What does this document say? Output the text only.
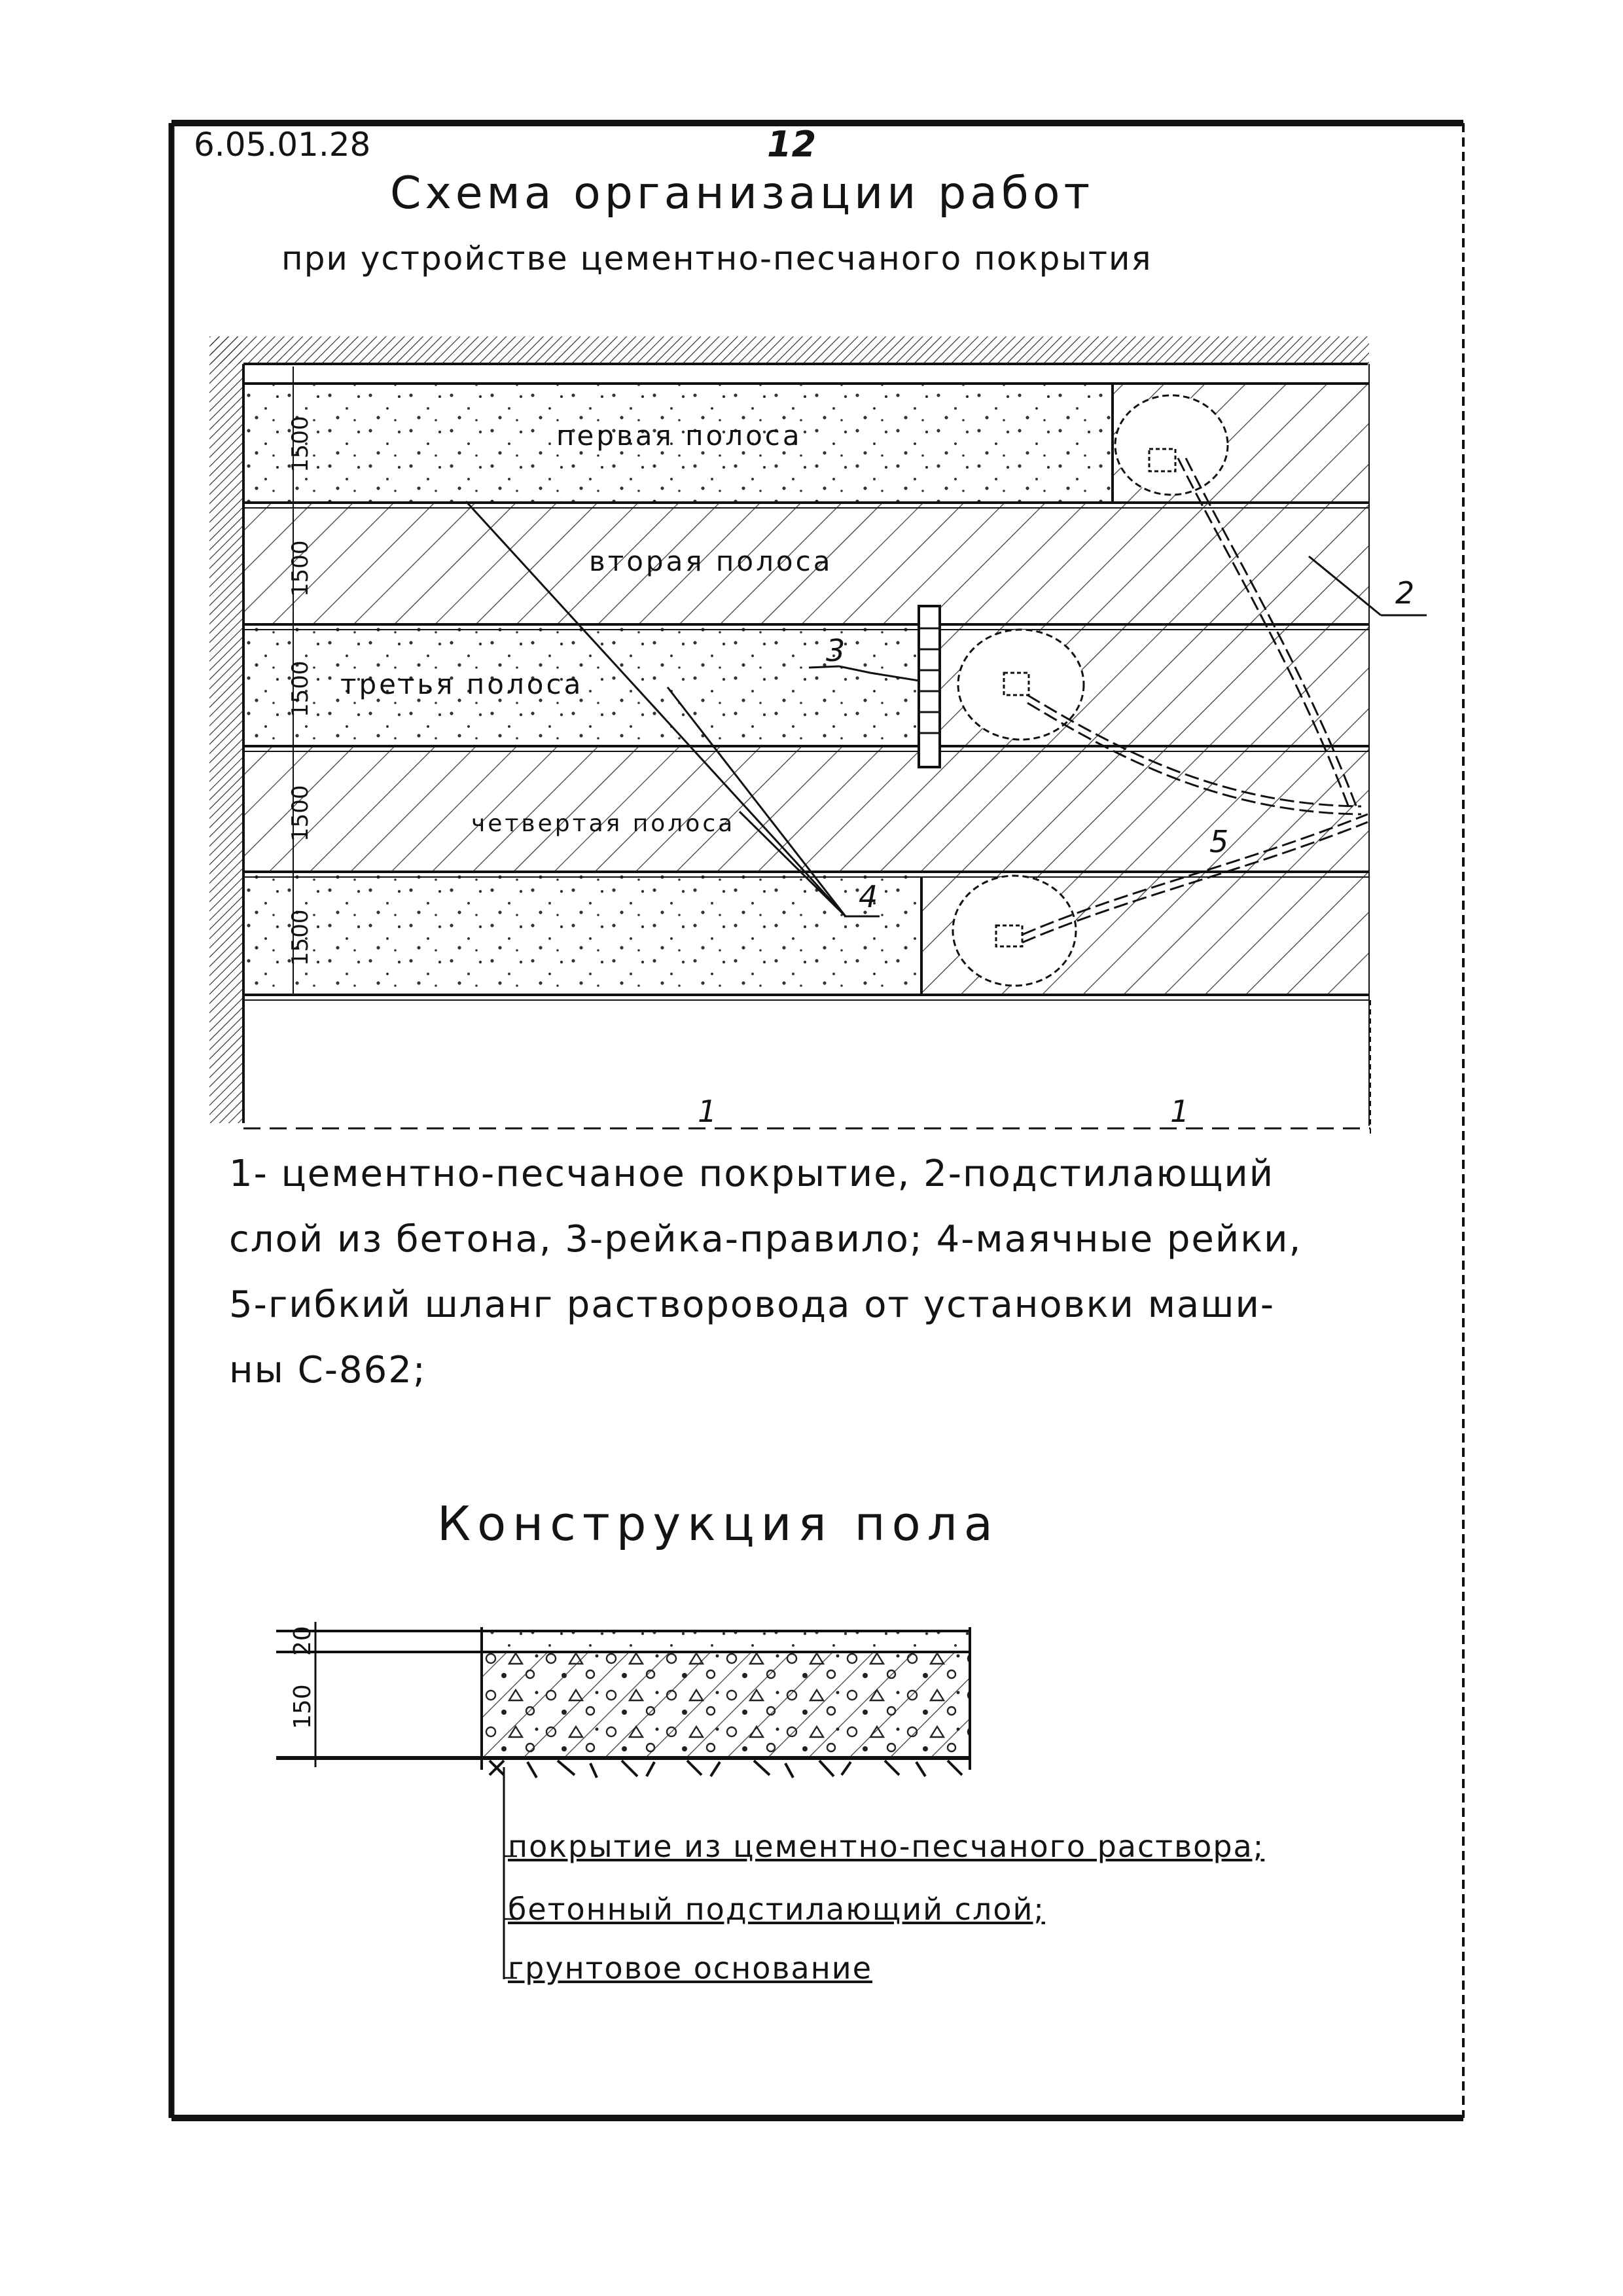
2
3
4
5
1	1
первая полоса
вторая полоса
третья полоса
четвертая полоса
1500
1500
1500
1500
1500
20
150
6.05.01.28	12
Схема организации работ
при устройстве цементно-песчаного покрытия
1- цементно-песчаное покрытие, 2-подстилающий
слой из бетона, 3-рейка-правило; 4-маячные рейки,
5-гибкий шланг растворовода от установки маши-
ны С-862;
Конструкция пола
покрытие из цементно-песчаного раствора;
бетонный подстилающий слой;
грунтовое основание
